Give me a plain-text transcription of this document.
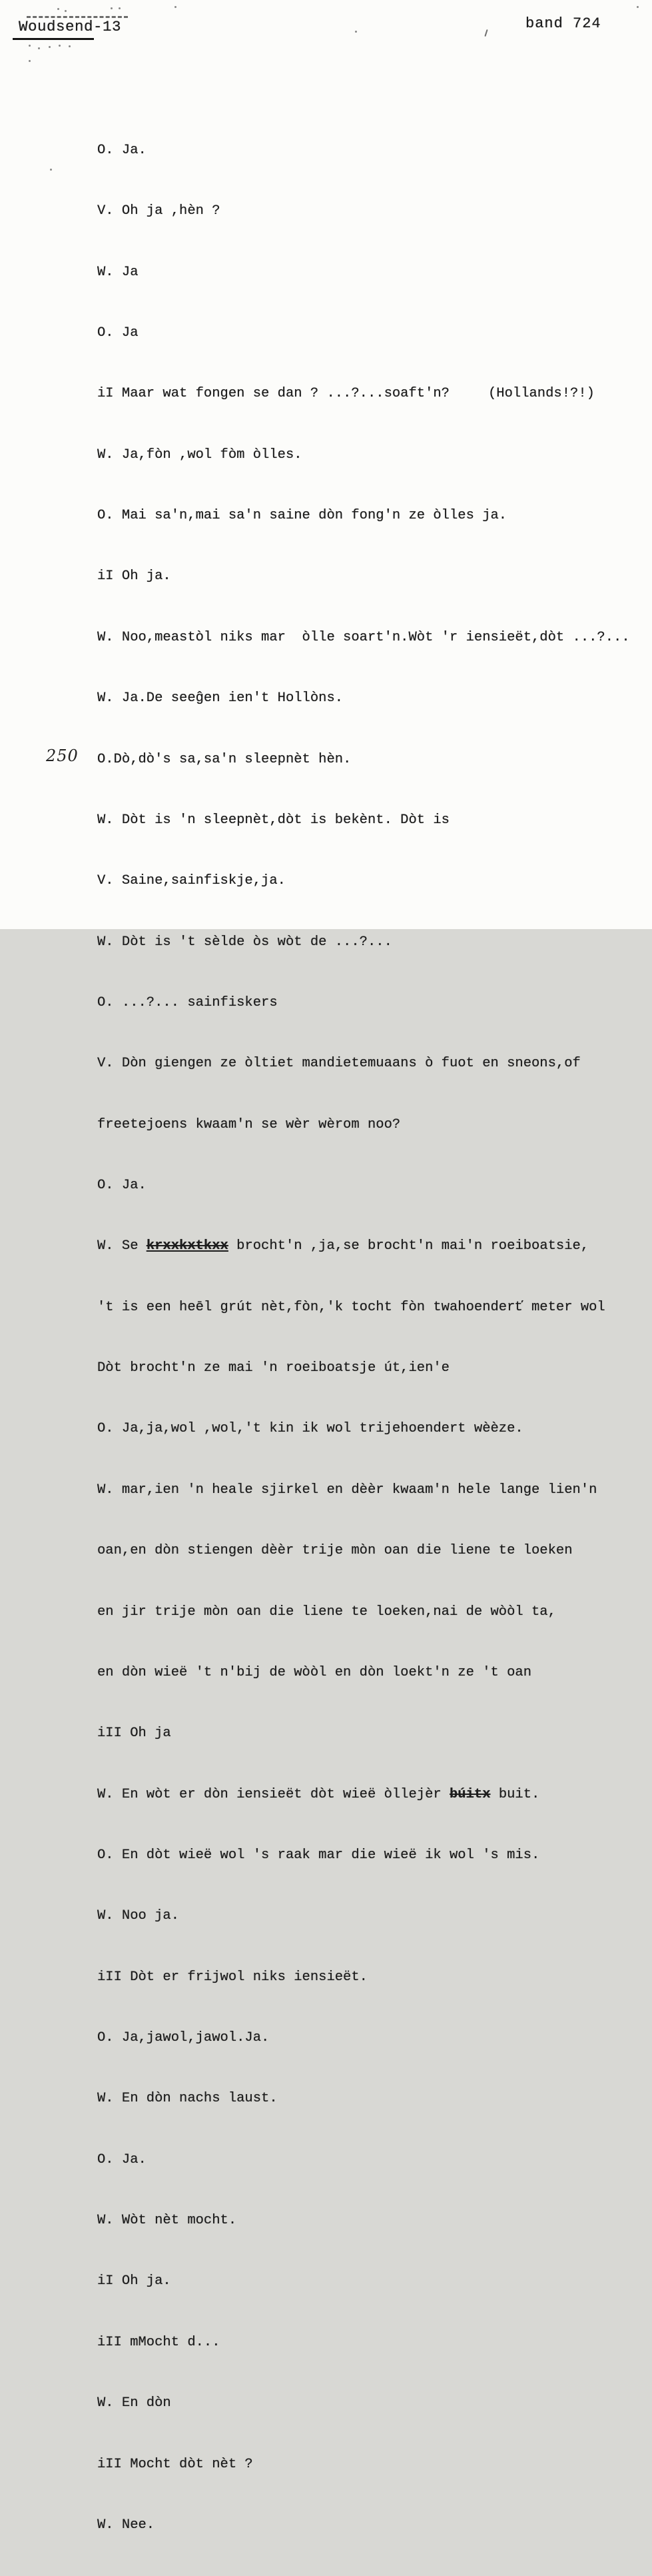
Woudsend-13	band 724
250

O. Ja.

V. Oh ja ,hèn ?

W. Ja

O. Ja

iI Maar wat fongen se dan ? ...?...soaft'n?	(Hollands!?!)

W. Ja,fòn ,wol fòm òlles.

O. Mai sa'n,mai sa'n saine dòn fong'n ze òlles ja.

iI Oh ja.

W. Noo,meastòl niks mar  òlle soart'n.Wòt 'r iensieët,dòt ...?...

W. Ja.De seeĝen ien't Hollòns.

O.Dò,dò's sa,sa'n sleepnèt hèn.

W. Dòt is 'n sleepnèt,dòt is bekènt. Dòt is

V. Saine,sainfiskje,ja.

W. Dòt is 't sèlde òs wòt de ...?...

O. ...?... sainfiskers

V. Dòn giengen ze òltiet mandietemuaans ò fuot en sneons,of

freetejoens kwaam'n se wèr wèrom noo?

O. Ja.

W. Se krxxkxtkxx brocht'n ,ja,se brocht'n mai'n roeiboatsie,

't is een heēl grút nèt,fòn,'k tocht fòn twahoenderť meter wol

Dòt brocht'n ze mai 'n roeiboatsje út,ien'e

O. Ja,ja,wol ,wol,'t kin ik wol trijehoendert wèèze.

W. mar,ien 'n heale sjirkel en dèèr kwaam'n hele lange lien'n

oan,en dòn stiengen dèèr trije mòn oan die liene te loeken

en jir trije mòn oan die liene te loeken,nai de wòòl ta,

en dòn wieë 't n'bij de wòòl en dòn loekt'n ze 't oan

iII Oh ja

W. En wòt er dòn iensieët dòt wieë òllejèr búitx buit.

O. En dòt wieë wol 's raak mar die wieë ik wol 's mis.

W. Noo ja.

iII Dòt er frijwol niks iensieët.

O. Ja,jawol,jawol.Ja.

W. En dòn nachs laust.

O. Ja.

W. Wòt nèt mocht.

iI Oh ja.

iII mMocht d...

W. En dòn

iII Mocht dòt nèt ?

W. Nee.
